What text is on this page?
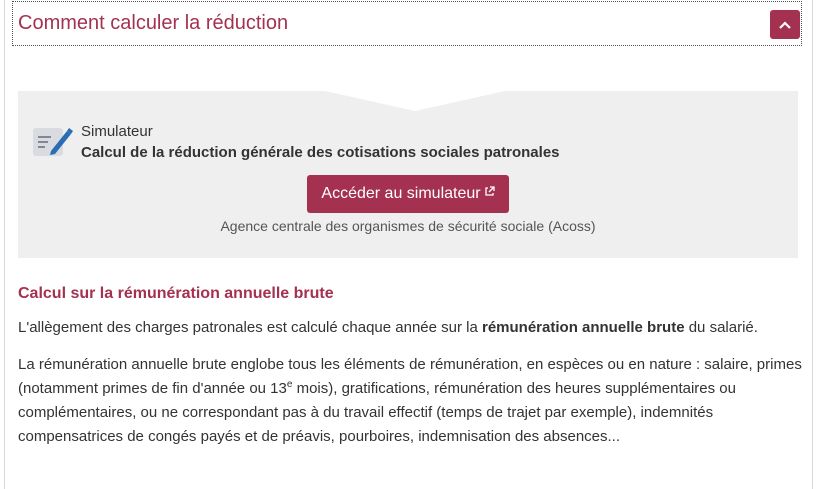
Comment calculer la réduction
Simulateur
Calcul de la réduction générale des cotisations sociales patronales
Accéder au simulateur
Agence centrale des organismes de sécurité sociale (Acoss)
Calcul sur la rémunération annuelle brute

L'allègement des charges patronales est calculé chaque année sur la rémunération annuelle brute du salarié.

La rémunération annuelle brute englobe tous les éléments de rémunération, en espèces ou en nature : salaire, primes (notamment primes de fin d'année ou 13e mois), gratifications, rémunération des heures supplémentaires ou complémentaires, ou ne correspondant pas à du travail effectif (temps de trajet par exemple), indemnités compensatrices de congés payés et de préavis, pourboires, indemnisation des absences...
